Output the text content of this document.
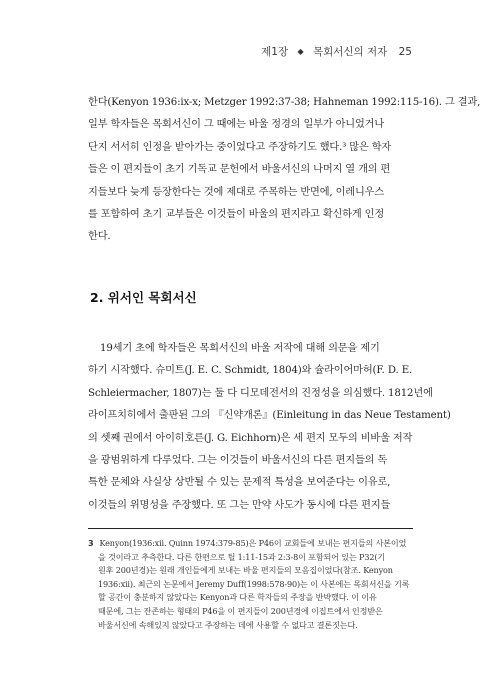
제1장 ◆ 목회서신의 저자 25
한다(Kenyon 1936:ix-x; Metzger 1992:37-38; Hahneman 1992:115-16). 그 결과,
일부 학자들은 목회서신이 그 때에는 바울 정경의 일부가 아니었거나
단지 서서히 인정을 받아가는 중이었다고 주장하기도 했다.³ 많은 학자
들은 이 편지들이 초기 기독교 문헌에서 바울서신의 나머지 열 개의 편
지들보다 늦게 등장한다는 것에 제대로 주목하는 반면에, 이레니우스
를 포함하여 초기 교부들은 이것들이 바울의 편지라고 확신하게 인정
한다.
2. 위서인 목회서신
19세기 초에 학자들은 목회서신의 바울 저작에 대해 의문을 제기
하기 시작했다. 슈미트(J. E. C. Schmidt, 1804)와 슐라이어마허(F. D. E.
Schleiermacher, 1807)는 둘 다 디모데전서의 진정성을 의심했다. 1812년에
라이프치히에서 출판된 그의 『신약개론』(Einleitung in das Neue Testament)
의 셋째 권에서 아이히호른(J. G. Eichhorn)은 세 편지 모두의 비바울 저작
을 광범위하게 다루었다. 그는 이것들이 바울서신의 다른 편지들의 독
특한 문체와 사실상 상반될 수 있는 문제적 특성을 보여준다는 이유로,
이것들의 위명성을 주장했다. 또 그는 만약 사도가 동시에 다른 편지들
3 Kenyon(1936:xii. Quinn 1974:379-85)은 P46이 교회들에 보내는 편지들의 사본이었
을 것이라고 추측한다. 다른 한편으로 틸 1:11-15과 2:3-8이 포함되어 있는 P32(기
원후 200년경)는 원래 개인들에게 보내는 바울 편지들의 모음집이었다(참조. Kenyon
1936:xii). 최근의 논문에서 Jeremy Duff(1998:578-90)는 이 사본에는 목회서신을 기록
할 공간이 충분하지 않았다는 Kenyon과 다른 학자들의 주장을 반박했다. 이 이유
때문에, 그는 잔존하는 형태의 P46을 이 편지들이 200년경에 이집트에서 인정받은
바울서신에 속해있지 않았다고 주장하는 데에 사용할 수 없다고 결론짓는다.
